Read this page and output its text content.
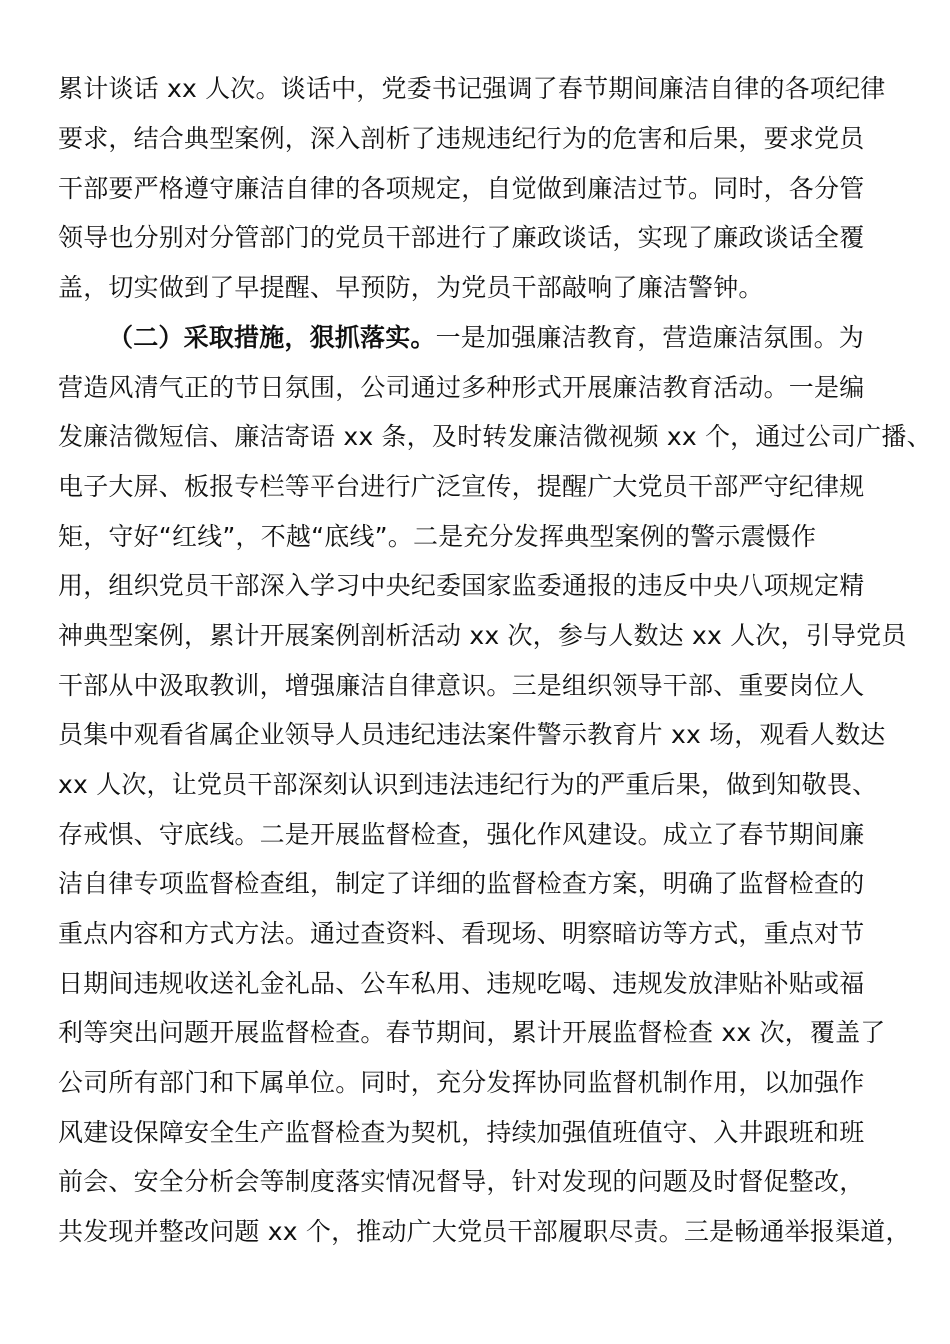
累计谈话 xx 人次。谈话中，党委书记强调了春节期间廉洁自律的各项纪律
要求，结合典型案例，深入剖析了违规违纪行为的危害和后果，要求党员
干部要严格遵守廉洁自律的各项规定，自觉做到廉洁过节。同时，各分管
领导也分别对分管部门的党员干部进行了廉政谈话，实现了廉政谈话全覆
盖，切实做到了早提醒、早预防，为党员干部敲响了廉洁警钟。
（二）采取措施，狠抓落实。一是加强廉洁教育，营造廉洁氛围。为
营造风清气正的节日氛围，公司通过多种形式开展廉洁教育活动。一是编
发廉洁微短信、廉洁寄语 xx 条，及时转发廉洁微视频 xx 个，通过公司广播、
电子大屏、板报专栏等平台进行广泛宣传，提醒广大党员干部严守纪律规
矩，守好“红线”，不越“底线”。二是充分发挥典型案例的警示震慑作
用，组织党员干部深入学习中央纪委国家监委通报的违反中央八项规定精
神典型案例，累计开展案例剖析活动 xx 次，参与人数达 xx 人次，引导党员
干部从中汲取教训，增强廉洁自律意识。三是组织领导干部、重要岗位人
员集中观看省属企业领导人员违纪违法案件警示教育片 xx 场，观看人数达
xx 人次，让党员干部深刻认识到违法违纪行为的严重后果，做到知敬畏、
存戒惧、守底线。二是开展监督检查，强化作风建设。成立了春节期间廉
洁自律专项监督检查组，制定了详细的监督检查方案，明确了监督检查的
重点内容和方式方法。通过查资料、看现场、明察暗访等方式，重点对节
日期间违规收送礼金礼品、公车私用、违规吃喝、违规发放津贴补贴或福
利等突出问题开展监督检查。春节期间，累计开展监督检查 xx 次，覆盖了
公司所有部门和下属单位。同时，充分发挥协同监督机制作用，以加强作
风建设保障安全生产监督检查为契机，持续加强值班值守、入井跟班和班
前会、安全分析会等制度落实情况督导，针对发现的问题及时督促整改，
共发现并整改问题 xx 个，推动广大党员干部履职尽责。三是畅通举报渠道，
